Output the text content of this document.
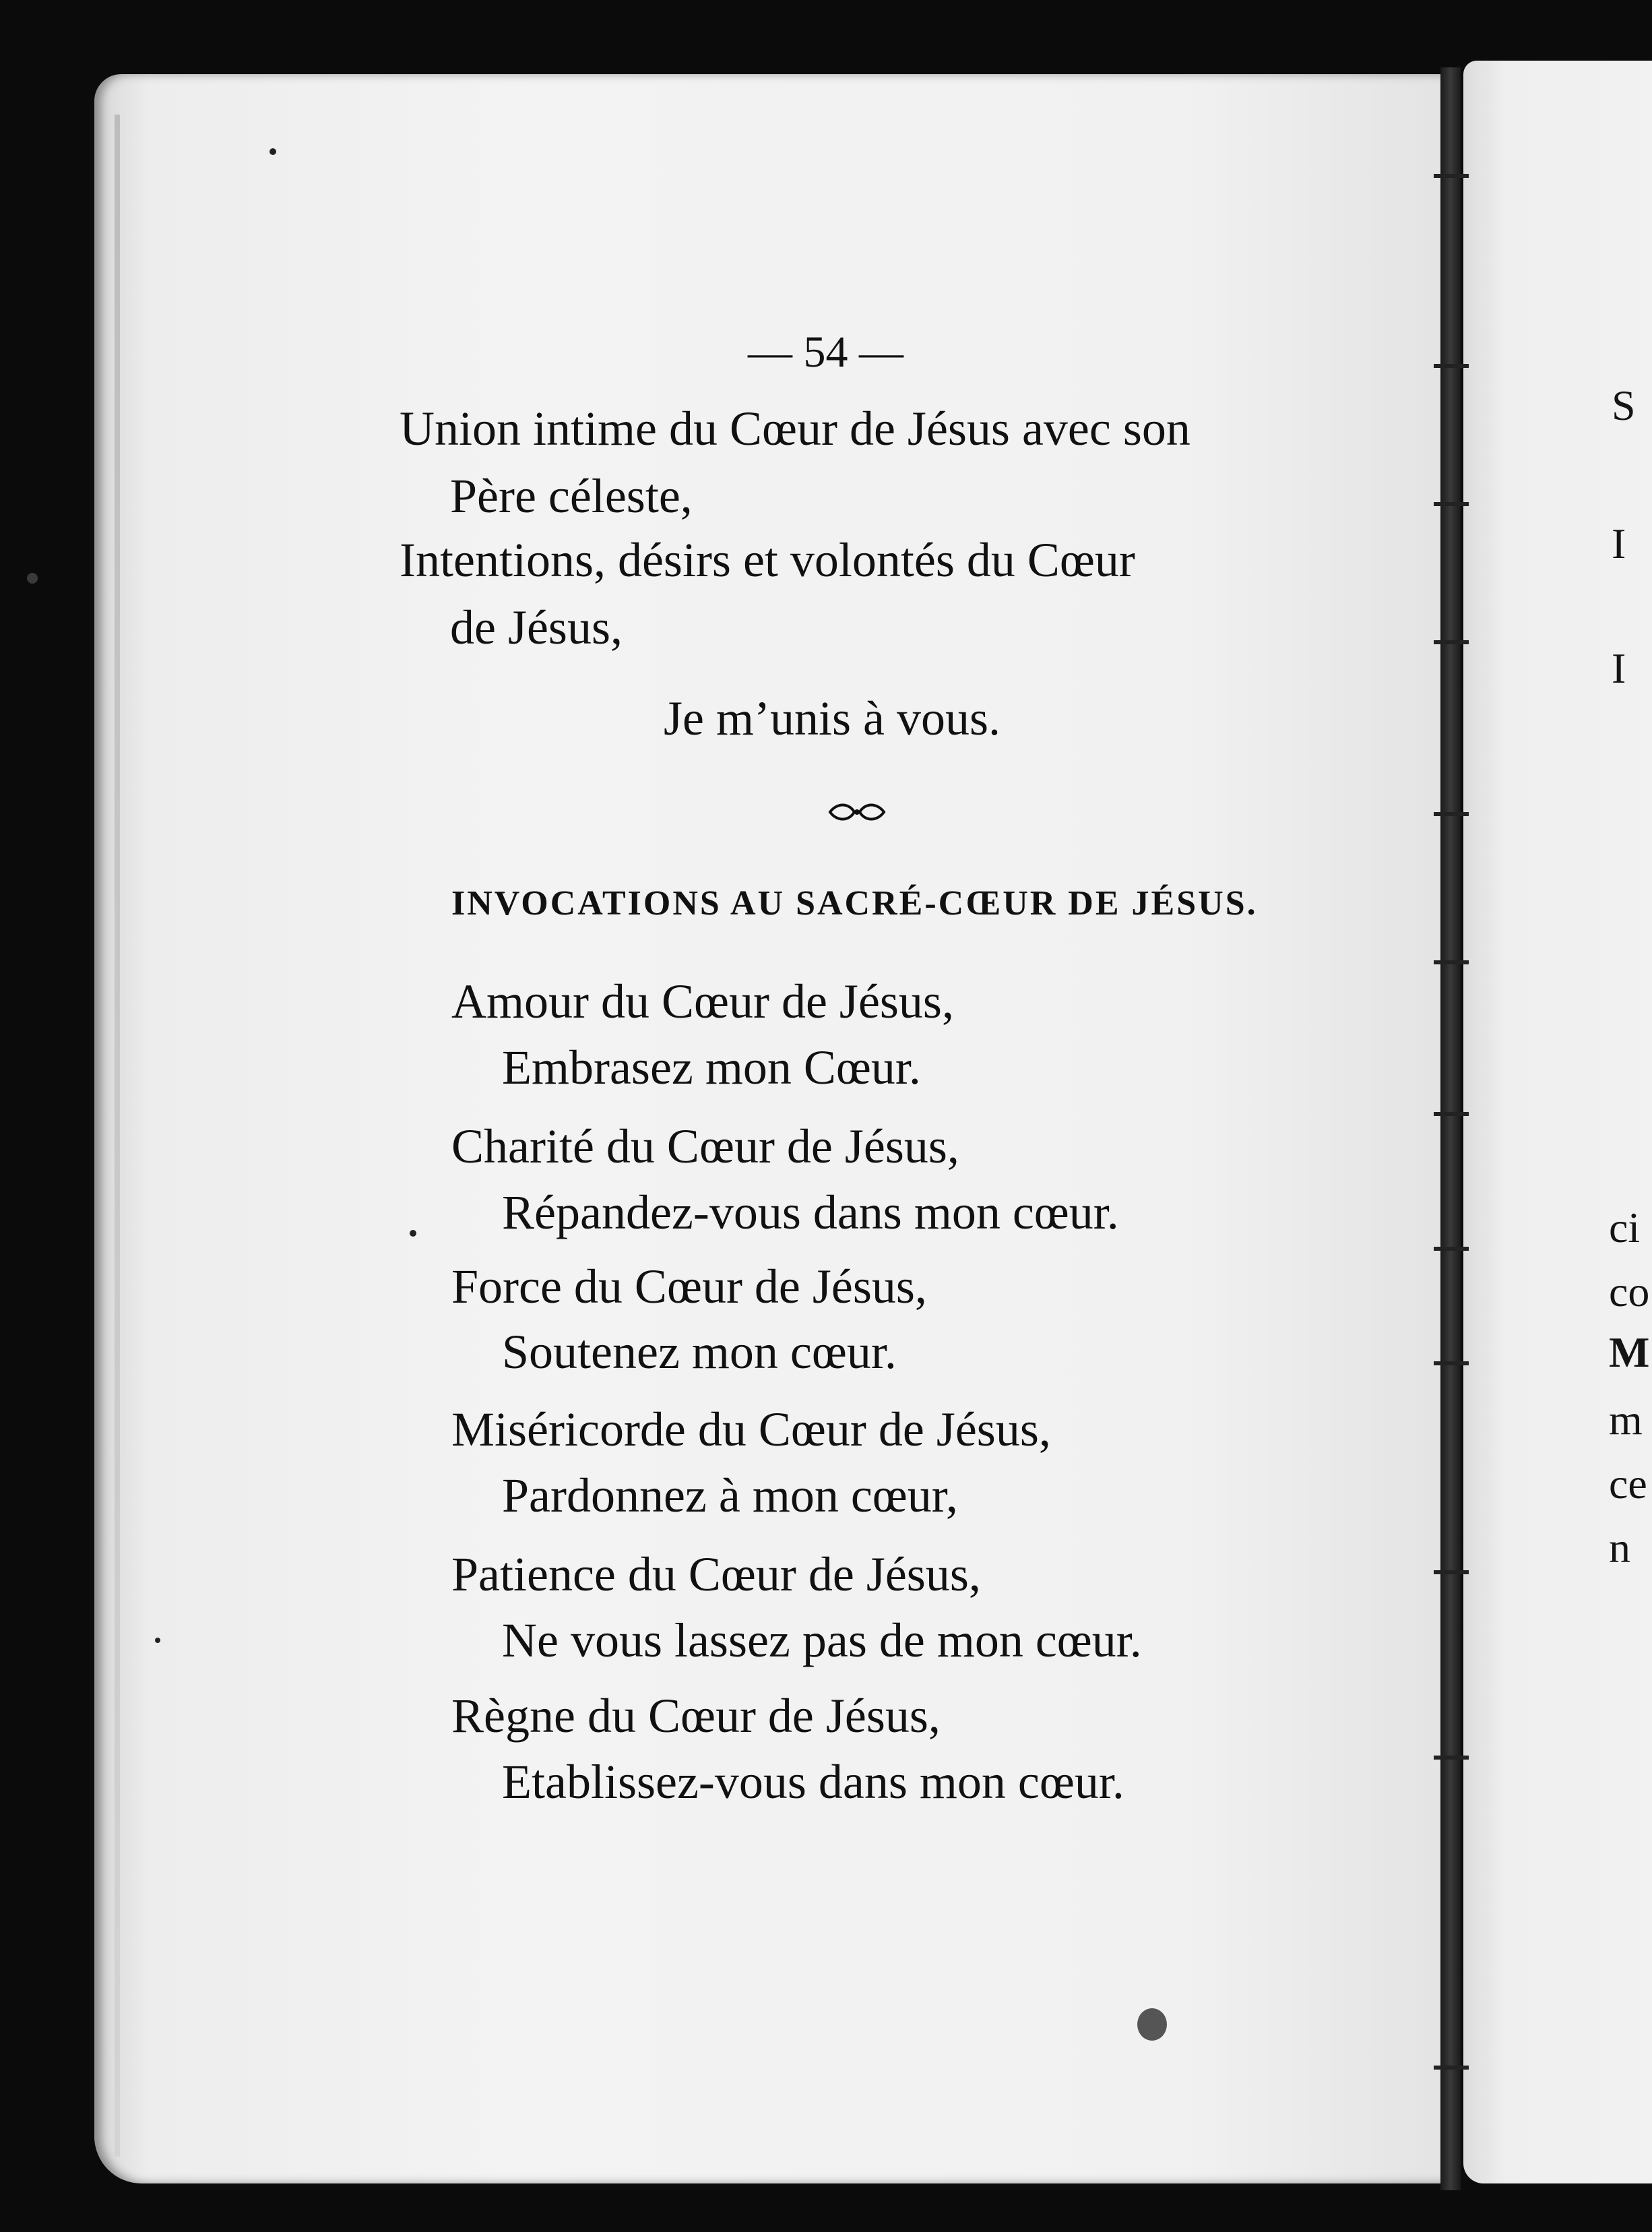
— 54 —
Union intime du Cœur de Jésus avec son
Père céleste,
Intentions, désirs et volontés du Cœur
de Jésus,
Je m’unis à vous.
INVOCATIONS AU SACRÉ-CŒUR DE JÉSUS.
Amour du Cœur de Jésus,
Embrasez mon Cœur.
Charité du Cœur de Jésus,
Répandez-vous dans mon cœur.
Force du Cœur de Jésus,
Soutenez mon cœur.
Miséricorde du Cœur de Jésus,
Pardonnez à mon cœur,
Patience du Cœur de Jésus,
Ne vous lassez pas de mon cœur.
Règne du Cœur de Jésus,
Etablissez-vous dans mon cœur.
S
I
I
ci
co
M
m
ce
n
